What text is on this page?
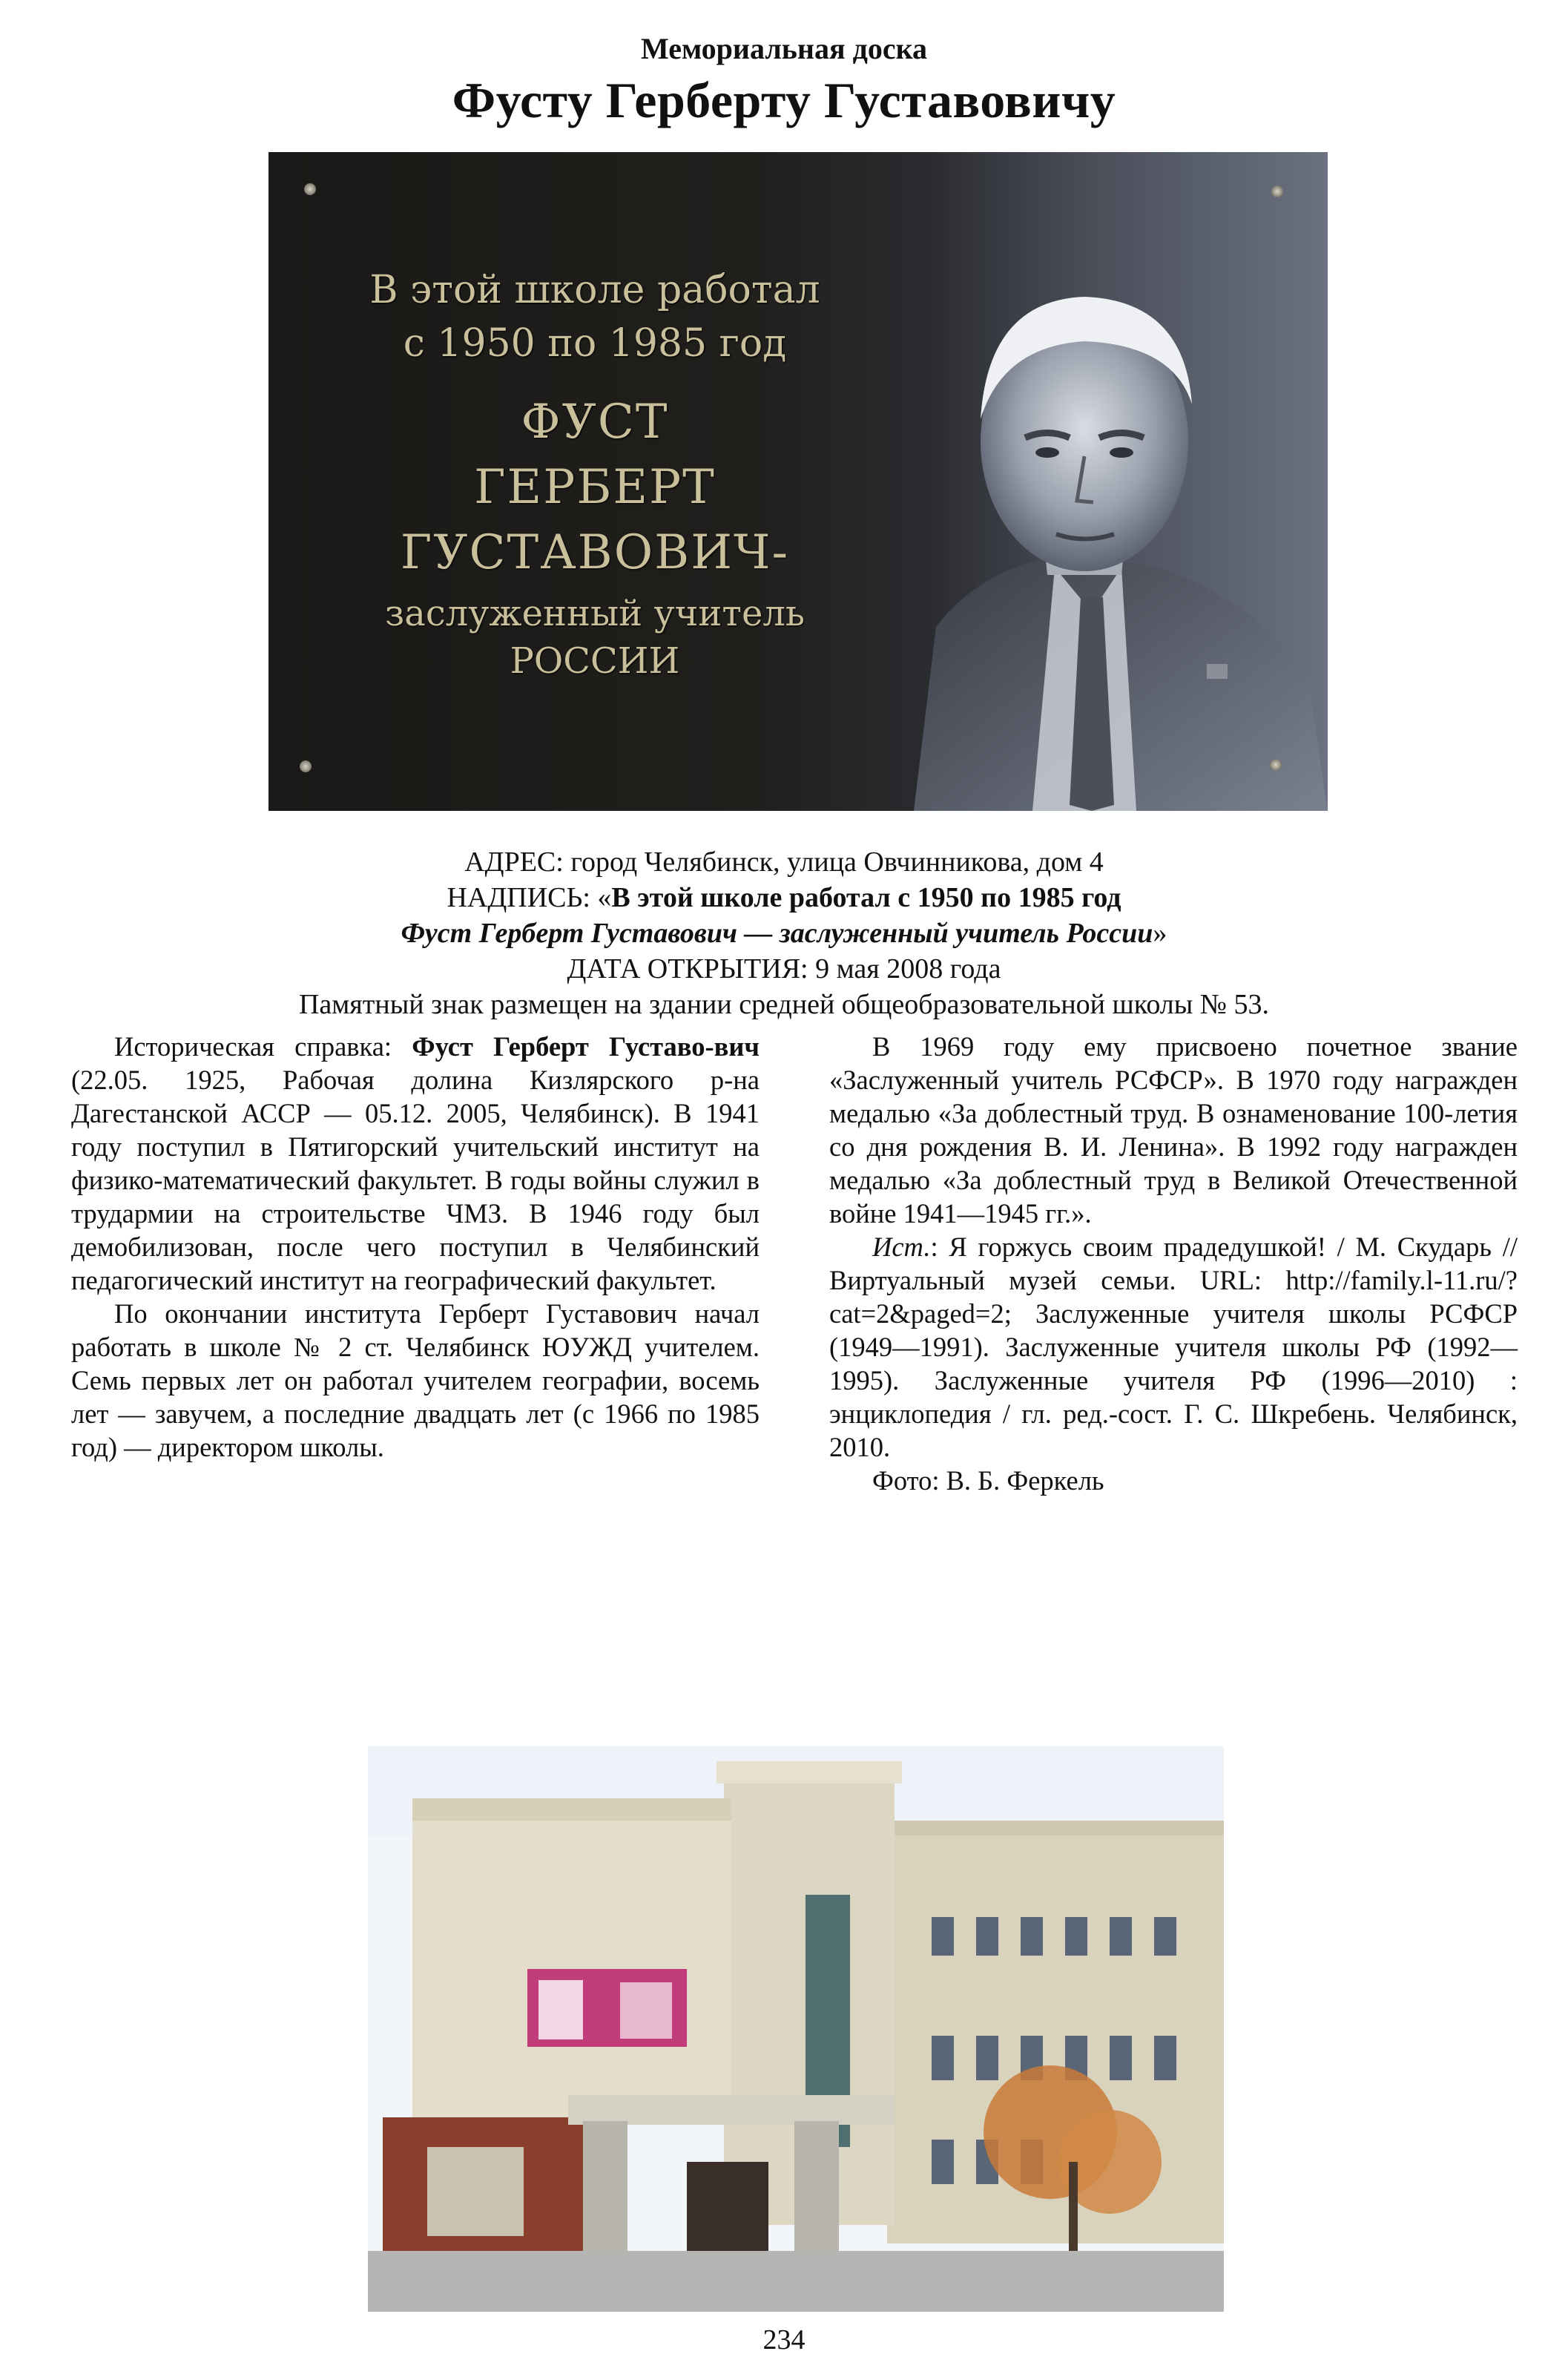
Мемориальная доска
Фусту Герберту Густавовичу
В этой школе работал
с 1950 по 1985 год
ФУСТ
ГЕРБЕРТ
ГУСТАВОВИЧ-
заслуженный учитель
РОССИИ
АДРЕС: город Челябинск, улица Овчинникова, дом 4
НАДПИСЬ: «В этой школе работал с 1950 по 1985 год
Фуст Герберт Густавович — заслуженный учитель России»
ДАТА ОТКРЫТИЯ: 9 мая 2008 года
Памятный знак размещен на здании средней общеобразовательной школы № 53.

Историческая справка: Фуст Герберт Густаво-вич (22.05. 1925, Рабочая долина Кизлярского р-на Дагестанской АССР — 05.12. 2005, Челябинск). В 1941 году поступил в Пятигорский учительский институт на физико-математический факультет. В годы войны служил в трудармии на строительстве ЧМЗ. В 1946 году был демобилизован, после чего поступил в Челябинский педагогический институт на географический факультет.

По окончании института Герберт Густавович начал работать в школе № 2 ст. Челябинск ЮУЖД учителем. Семь первых лет он работал учителем географии, восемь лет — завучем, а последние двадцать лет (с 1966 по 1985 год) — директором школы.

В 1969 году ему присвоено почетное звание «Заслуженный учитель РСФСР». В 1970 году награжден медалью «За доблестный труд. В ознаменование 100-летия со дня рождения В. И. Ленина». В 1992 году награжден медалью «За доблестный труд в Великой Отечественной войне 1941—1945 гг.».

Ист.: Я горжусь своим прадедушкой! / М. Скударь // Виртуальный музей семьи. URL: http://family.l-11.ru/?cat=2&paged=2; Заслуженные учителя школы РСФСР (1949—1991). Заслуженные учителя школы РФ (1992—1995). Заслуженные учителя РФ (1996—2010) : энциклопедия / гл. ред.-сост. Г. С. Шкребень. Челябинск, 2010.

Фото: В. Б. Феркель

234
